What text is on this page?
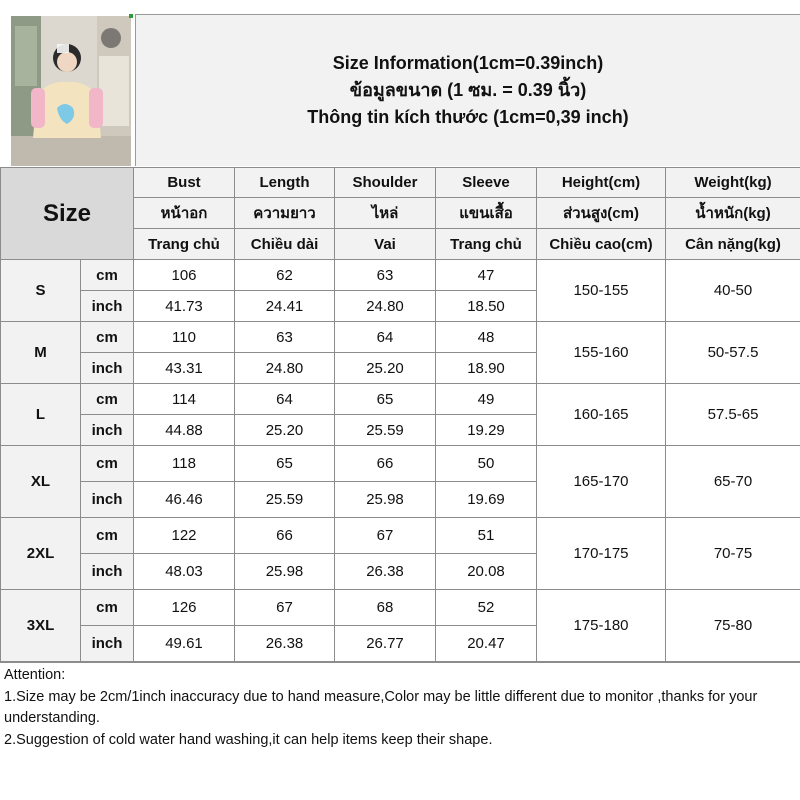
Size Information(1cm=0.39inch)
ข้อมูลขนาด (1 ซม. = 0.39 นิ้ว)
Thông tin kích thước (1cm=0,39 inch)
Size		Bust	Length	Shoulder	Sleeve	Height(cm)	Weight(kg)
		หน้าอก	ความยาว	ไหล่	แขนเสื้อ	ส่วนสูง(cm)	น้ำหนัก(kg)
		Trang chủ	Chiều dài	Vai	Trang chủ	Chiều cao(cm)	Cân nặng(kg)
S	cm	106	62	63	47	150-155	40-50
	inch	41.73	24.41	24.80	18.50		
M	cm	110	63	64	48	155-160	50-57.5
	inch	43.31	24.80	25.20	18.90		
L	cm	114	64	65	49	160-165	57.5-65
	inch	44.88	25.20	25.59	19.29		
XL	cm	118	65	66	50	165-170	65-70
	inch	46.46	25.59	25.98	19.69		
2XL	cm	122	66	67	51	170-175	70-75
	inch	48.03	25.98	26.38	20.08		
3XL	cm	126	67	68	52	175-180	75-80
	inch	49.61	26.38	26.77	20.47		

Attention:

1.Size may be 2cm/1inch inaccuracy due to hand measure,Color may be little different due to monitor ,thanks for your understanding.

2.Suggestion of cold water hand washing,it can help items keep their shape.
